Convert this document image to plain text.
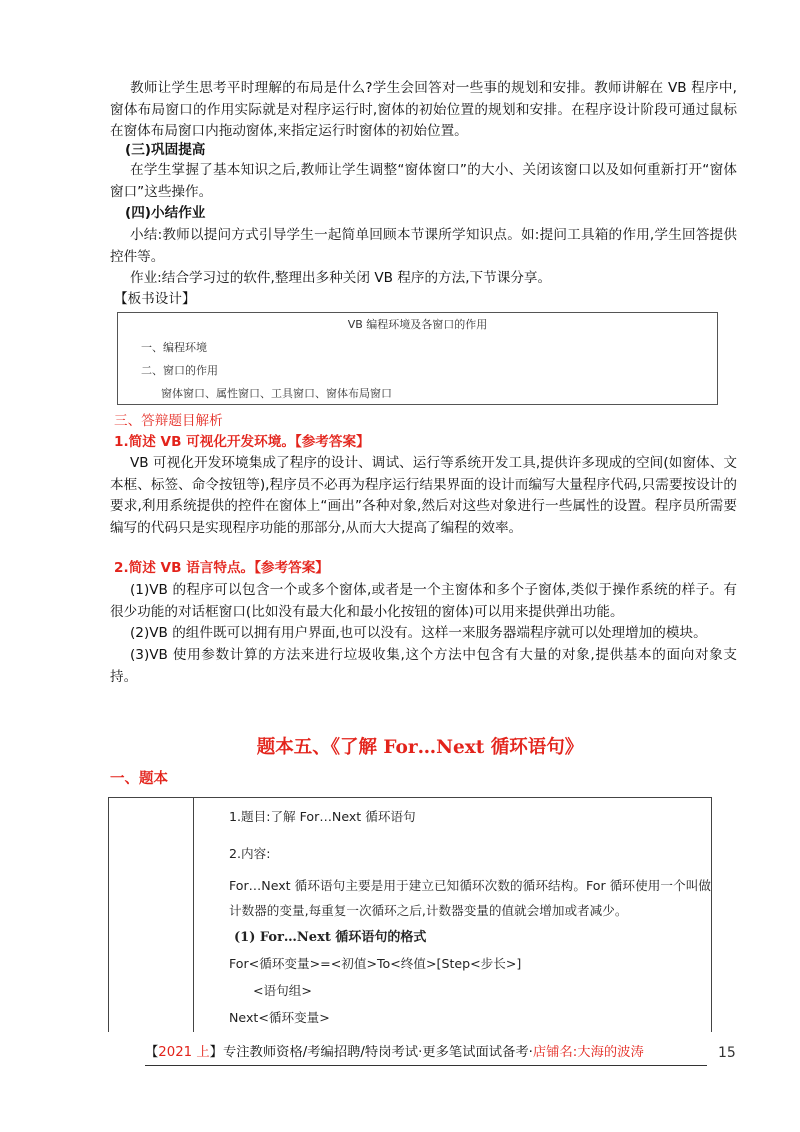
教师让学生思考平时理解的布局是什么?学生会回答对一些事的规划和安排。教师讲解在 VB 程序中,窗体布局窗口的作用实际就是对程序运行时,窗体的初始位置的规划和安排。在程序设计阶段可通过鼠标在窗体布局窗口内拖动窗体,来指定运行时窗体的初始位置。

(三)巩固提高

在学生掌握了基本知识之后,教师让学生调整“窗体窗口”的大小、关闭该窗口以及如何重新打开“窗体窗口”这些操作。

(四)小结作业

小结:教师以提问方式引导学生一起简单回顾本节课所学知识点。如:提问工具箱的作用,学生回答提供控件等。

作业:结合学习过的软件,整理出多种关闭 VB 程序的方法,下节课分享。

【板书设计】

VB 编程环境及各窗口的作用
一、编程环境
二、窗口的作用
窗体窗口、属性窗口、工具窗口、窗体布局窗口

三、答辩题目解析

1.简述 VB 可视化开发环境。【参考答案】

VB 可视化开发环境集成了程序的设计、调试、运行等系统开发工具,提供许多现成的空间(如窗体、文本框、标签、命令按钮等),程序员不必再为程序运行结果界面的设计而编写大量程序代码,只需要按设计的要求,利用系统提供的控件在窗体上“画出”各种对象,然后对这些对象进行一些属性的设置。程序员所需要编写的代码只是实现程序功能的那部分,从而大大提高了编程的效率。

2.简述 VB 语言特点。【参考答案】

(1)VB 的程序可以包含一个或多个窗体,或者是一个主窗体和多个子窗体,类似于操作系统的样子。有很少功能的对话框窗口(比如没有最大化和最小化按钮的窗体)可以用来提供弹出功能。

(2)VB 的组件既可以拥有用户界面,也可以没有。这样一来服务器端程序就可以处理增加的模块。

(3)VB 使用参数计算的方法来进行垃圾收集,这个方法中包含有大量的对象,提供基本的面向对象支持。

题本五、《了解 For…Next 循环语句》
一、题本
1.题目:了解 For…Next 循环语句
2.内容:

For…Next 循环语句主要是用于建立已知循环次数的循环结构。For 循环使用一个叫做计数器的变量,每重复一次循环之后,计数器变量的值就会增加或者减少。

(1) For…Next 循环语句的格式
For<循环变量>=<初值>To<终值>[Step<步长>]
<语句组>
Next<循环变量>
【2021 上】专注教师资格/考编招聘/特岗考试·更多笔试面试备考·店铺名:大海的波涛	15
